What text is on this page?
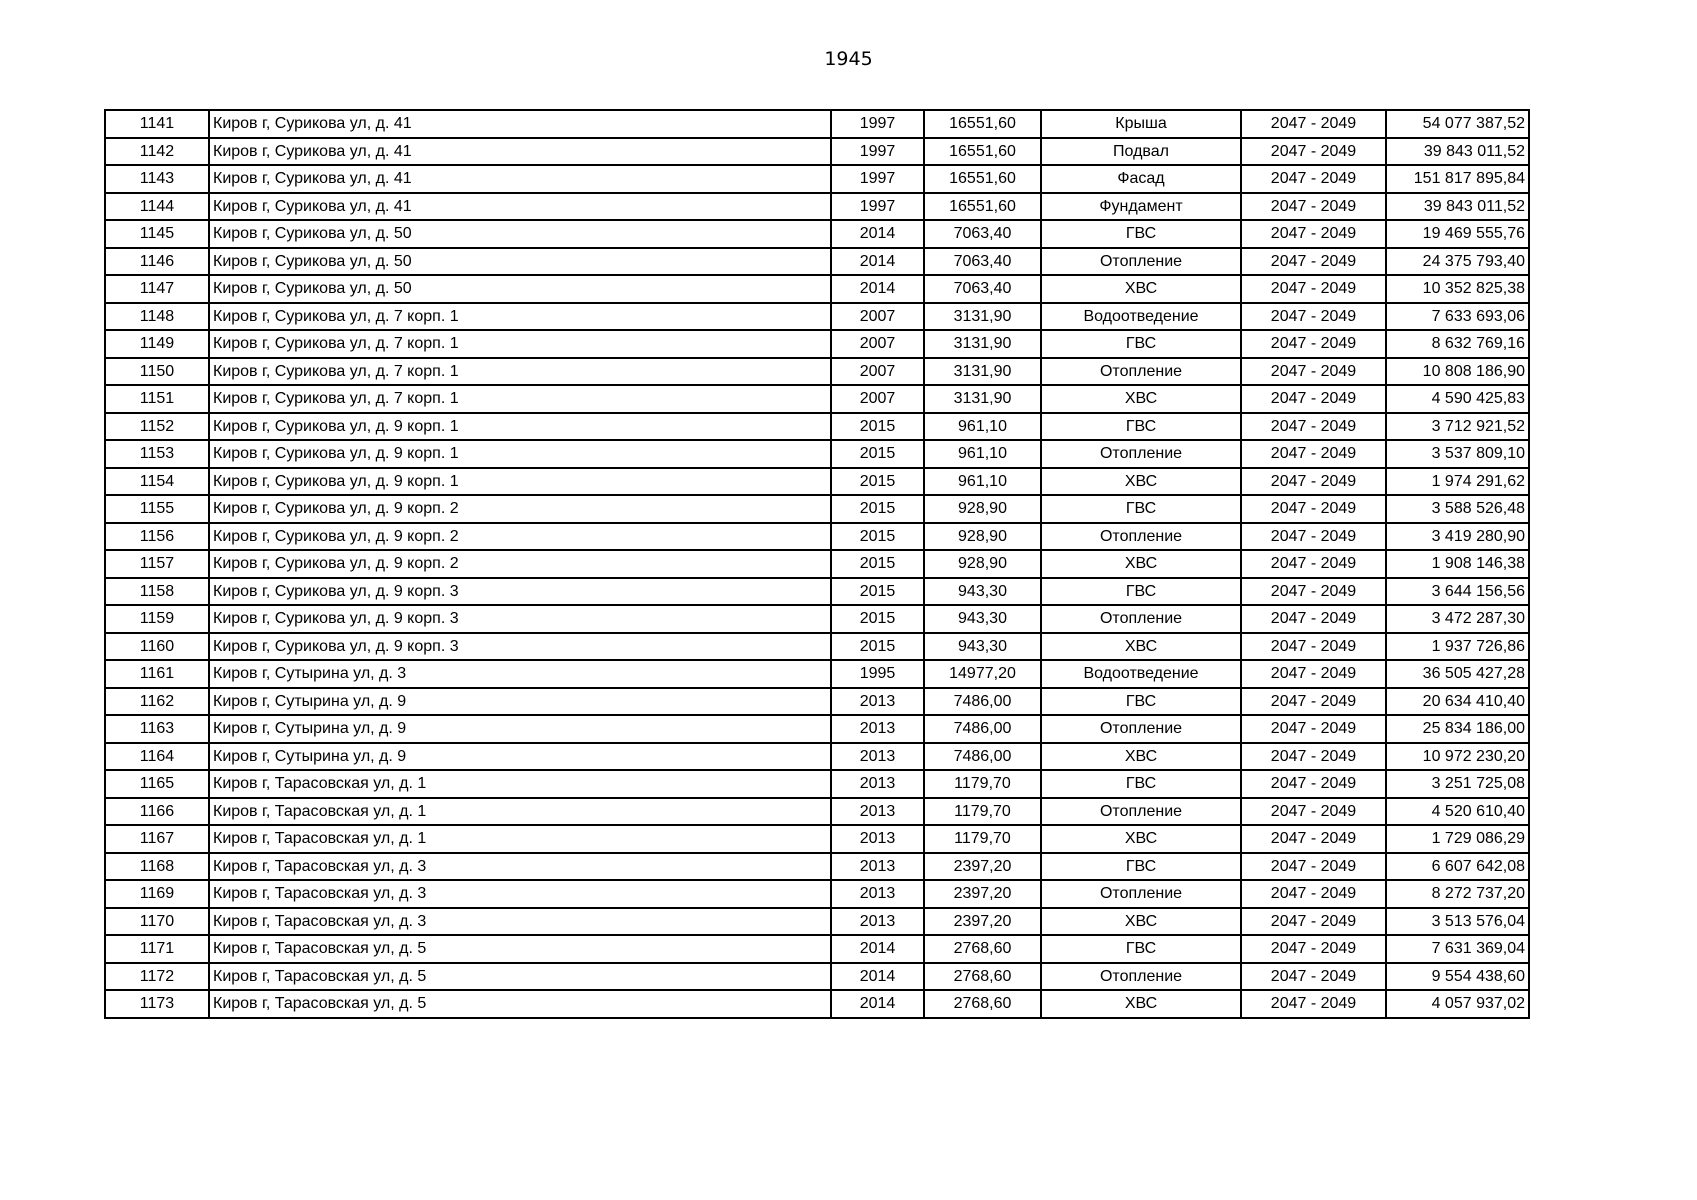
1945
1141	Киров г, Сурикова ул, д. 41	1997	16551,60	Крыша	2047 - 2049	54 077 387,52
1142	Киров г, Сурикова ул, д. 41	1997	16551,60	Подвал	2047 - 2049	39 843 011,52
1143	Киров г, Сурикова ул, д. 41	1997	16551,60	Фасад	2047 - 2049	151 817 895,84
1144	Киров г, Сурикова ул, д. 41	1997	16551,60	Фундамент	2047 - 2049	39 843 011,52
1145	Киров г, Сурикова ул, д. 50	2014	7063,40	ГВС	2047 - 2049	19 469 555,76
1146	Киров г, Сурикова ул, д. 50	2014	7063,40	Отопление	2047 - 2049	24 375 793,40
1147	Киров г, Сурикова ул, д. 50	2014	7063,40	ХВС	2047 - 2049	10 352 825,38
1148	Киров г, Сурикова ул, д. 7 корп. 1	2007	3131,90	Водоотведение	2047 - 2049	7 633 693,06
1149	Киров г, Сурикова ул, д. 7 корп. 1	2007	3131,90	ГВС	2047 - 2049	8 632 769,16
1150	Киров г, Сурикова ул, д. 7 корп. 1	2007	3131,90	Отопление	2047 - 2049	10 808 186,90
1151	Киров г, Сурикова ул, д. 7 корп. 1	2007	3131,90	ХВС	2047 - 2049	4 590 425,83
1152	Киров г, Сурикова ул, д. 9 корп. 1	2015	961,10	ГВС	2047 - 2049	3 712 921,52
1153	Киров г, Сурикова ул, д. 9 корп. 1	2015	961,10	Отопление	2047 - 2049	3 537 809,10
1154	Киров г, Сурикова ул, д. 9 корп. 1	2015	961,10	ХВС	2047 - 2049	1 974 291,62
1155	Киров г, Сурикова ул, д. 9 корп. 2	2015	928,90	ГВС	2047 - 2049	3 588 526,48
1156	Киров г, Сурикова ул, д. 9 корп. 2	2015	928,90	Отопление	2047 - 2049	3 419 280,90
1157	Киров г, Сурикова ул, д. 9 корп. 2	2015	928,90	ХВС	2047 - 2049	1 908 146,38
1158	Киров г, Сурикова ул, д. 9 корп. 3	2015	943,30	ГВС	2047 - 2049	3 644 156,56
1159	Киров г, Сурикова ул, д. 9 корп. 3	2015	943,30	Отопление	2047 - 2049	3 472 287,30
1160	Киров г, Сурикова ул, д. 9 корп. 3	2015	943,30	ХВС	2047 - 2049	1 937 726,86
1161	Киров г, Сутырина ул, д. 3	1995	14977,20	Водоотведение	2047 - 2049	36 505 427,28
1162	Киров г, Сутырина ул, д. 9	2013	7486,00	ГВС	2047 - 2049	20 634 410,40
1163	Киров г, Сутырина ул, д. 9	2013	7486,00	Отопление	2047 - 2049	25 834 186,00
1164	Киров г, Сутырина ул, д. 9	2013	7486,00	ХВС	2047 - 2049	10 972 230,20
1165	Киров г, Тарасовская ул, д. 1	2013	1179,70	ГВС	2047 - 2049	3 251 725,08
1166	Киров г, Тарасовская ул, д. 1	2013	1179,70	Отопление	2047 - 2049	4 520 610,40
1167	Киров г, Тарасовская ул, д. 1	2013	1179,70	ХВС	2047 - 2049	1 729 086,29
1168	Киров г, Тарасовская ул, д. 3	2013	2397,20	ГВС	2047 - 2049	6 607 642,08
1169	Киров г, Тарасовская ул, д. 3	2013	2397,20	Отопление	2047 - 2049	8 272 737,20
1170	Киров г, Тарасовская ул, д. 3	2013	2397,20	ХВС	2047 - 2049	3 513 576,04
1171	Киров г, Тарасовская ул, д. 5	2014	2768,60	ГВС	2047 - 2049	7 631 369,04
1172	Киров г, Тарасовская ул, д. 5	2014	2768,60	Отопление	2047 - 2049	9 554 438,60
1173	Киров г, Тарасовская ул, д. 5	2014	2768,60	ХВС	2047 - 2049	4 057 937,02
